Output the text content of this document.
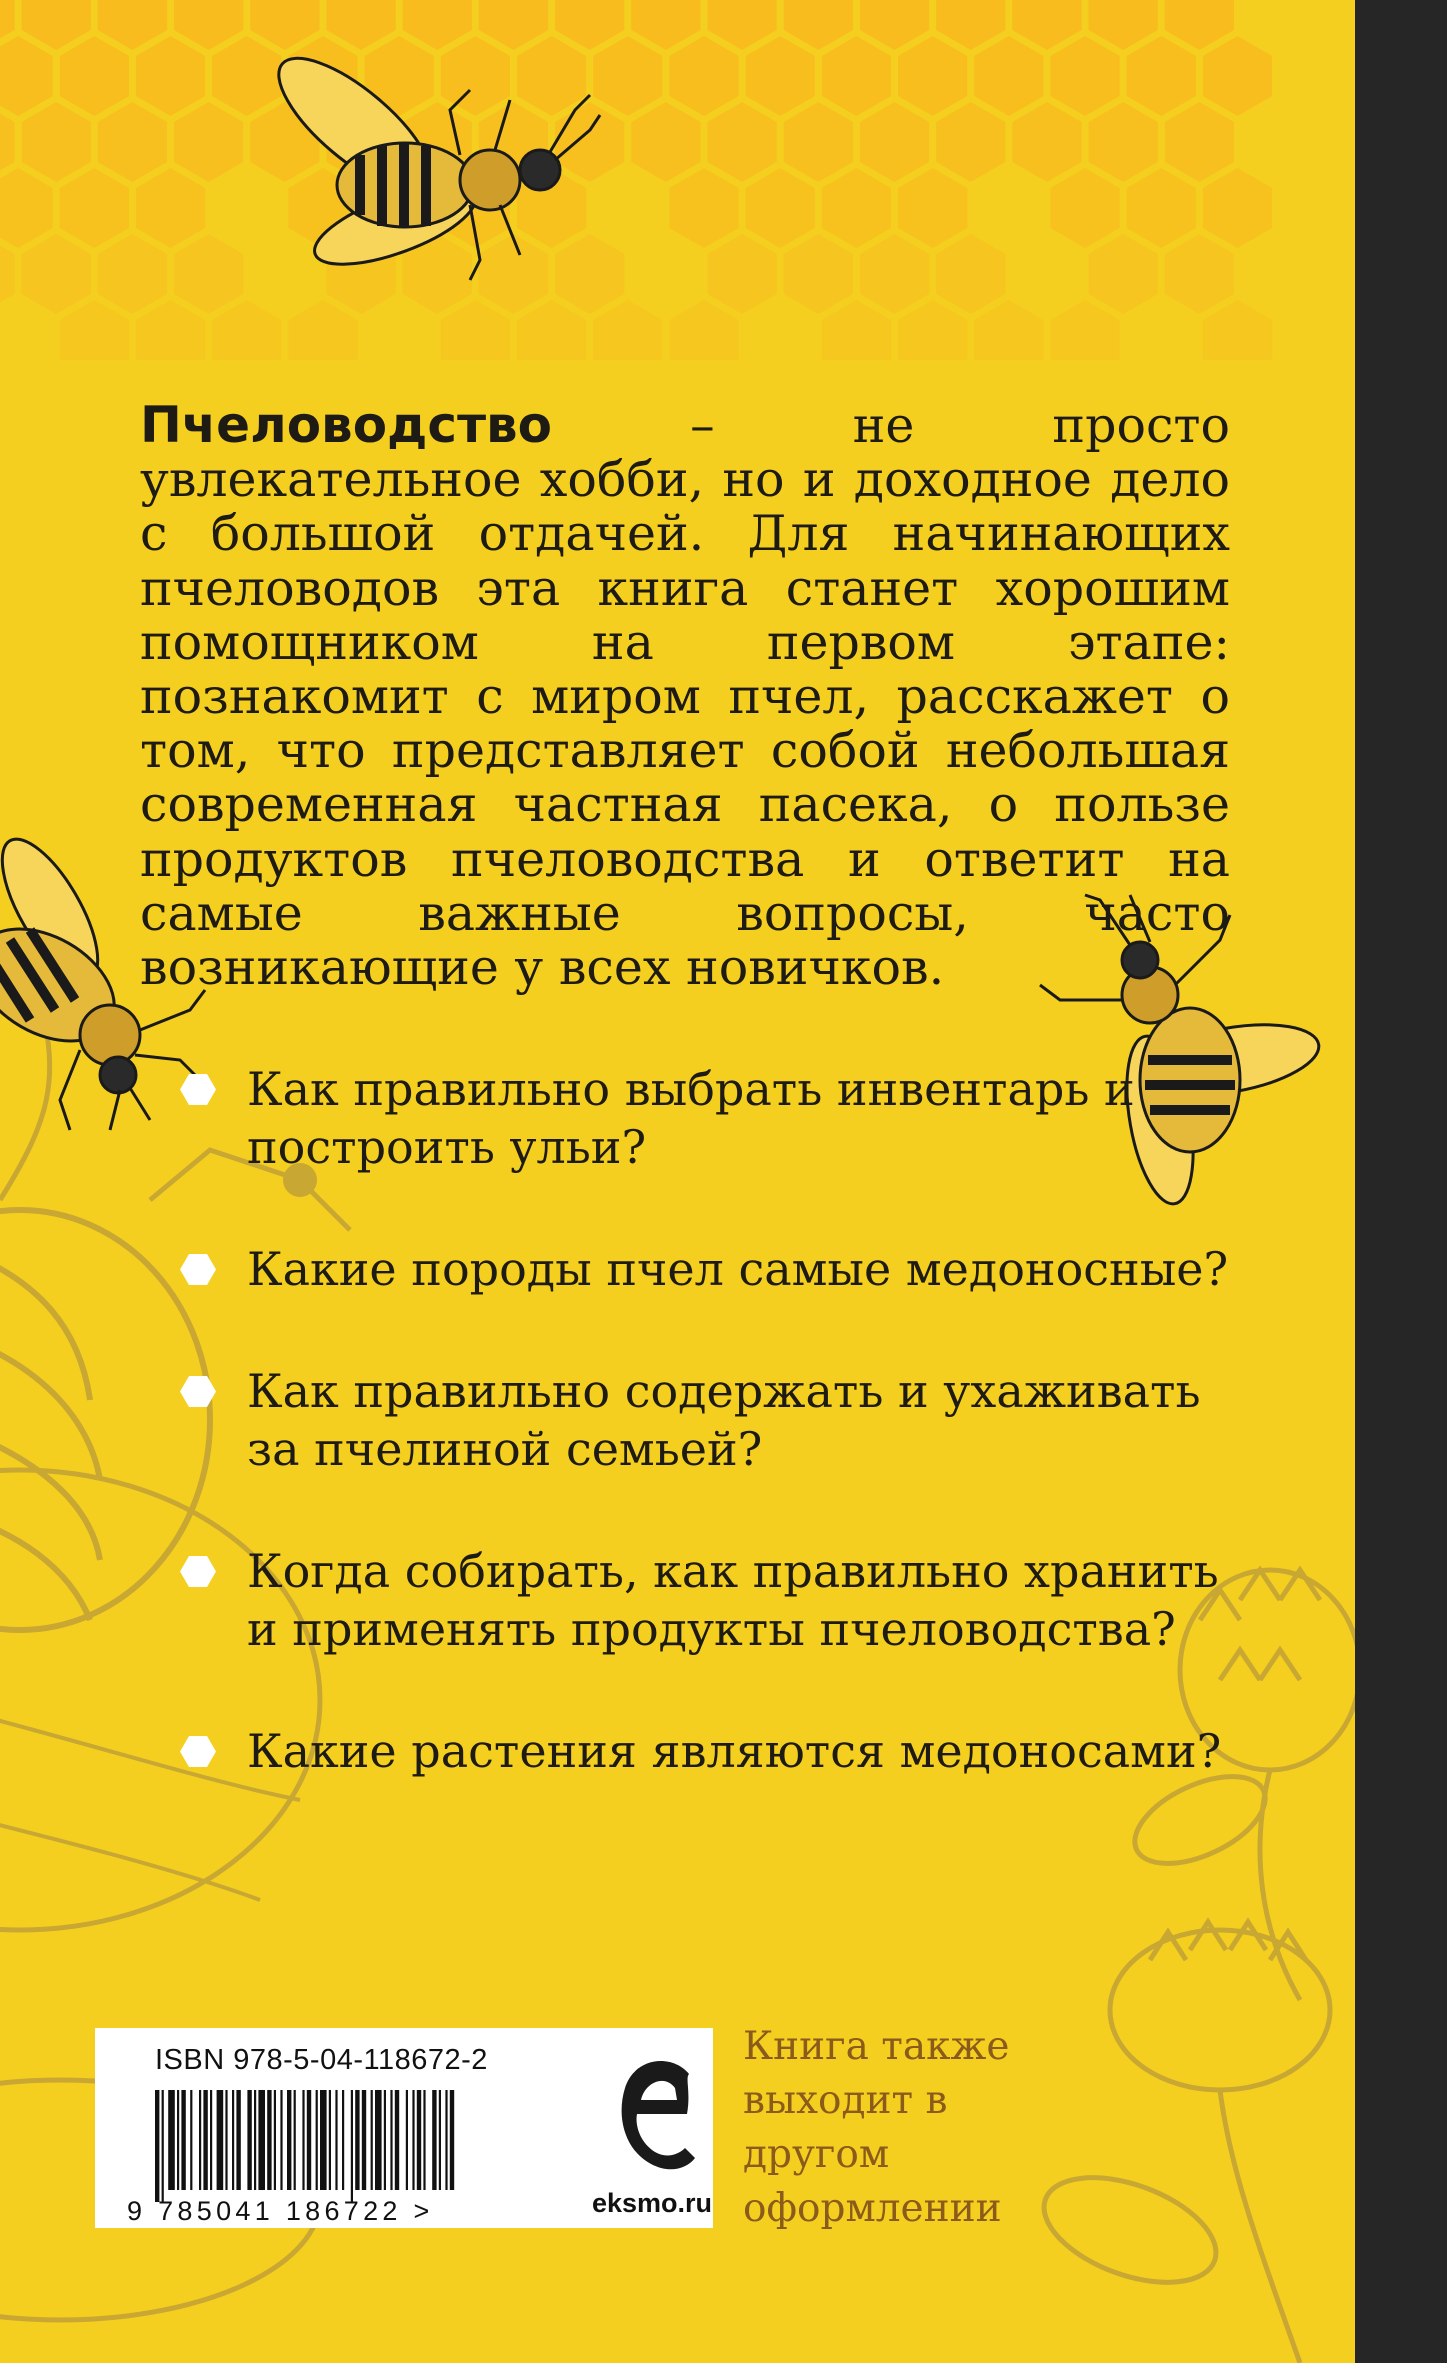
Пчеловодство – не просто увлекательное хобби, но и доходное дело с большой отдачей. Для начинающих пчеловодов эта книга станет хорошим помощником на первом этапе: познакомит с миром пчел, расскажет о том, что представляет собой небольшая современная частная пасека, о пользе продуктов пчеловодства и ответит на самые важные вопросы, часто возникающие у всех новичков.
Как правильно выбрать инвентарь и построить ульи?
Какие породы пчел самые медоносные?
Как правильно содержать и ухаживать за пчелиной семьей?
Когда собирать, как правильно хранить и применять продукты пчеловодства?
Какие растения являются медоносами?
ISBN 978-5-04-118672-2
9 785041 186722 >	eksmo.ru
Книга также выходит в другом оформлении
